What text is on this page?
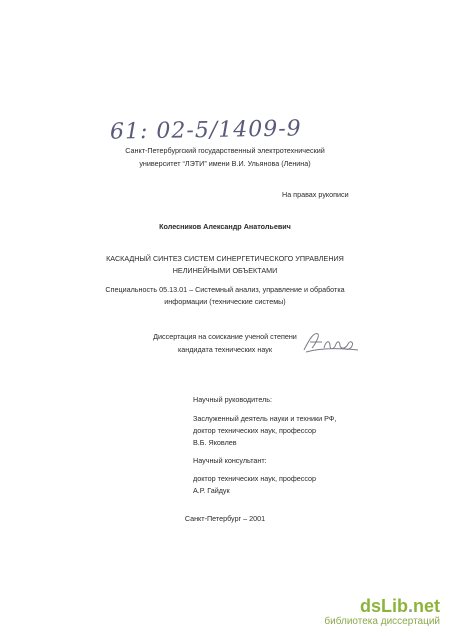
61: 02-5/1409-9
Санкт-Петербургский государственный электротехнический
университет “ЛЭТИ” имени В.И. Ульянова (Ленина)
На правах рукописи
Колесников Александр Анатольевич
КАСКАДНЫЙ СИНТЕЗ СИСТЕМ СИНЕРГЕТИЧЕСКОГО УПРАВЛЕНИЯ
НЕЛИНЕЙНЫМИ ОБЪЕКТАМИ
Специальность 05.13.01 – Системный анализ, управление и обработка
информации (технические системы)
Диссертация на соискание ученой степени
кандидата технических наук
Научный руководитель:
Заслуженный деятель науки и техники РФ,
доктор технических наук, профессор
В.Б. Яковлев
Научный консультант:
доктор технических наук, профессор
А.Р. Гайдук
Санкт-Петербург – 2001
dsLib.net
библиотека диссертаций
